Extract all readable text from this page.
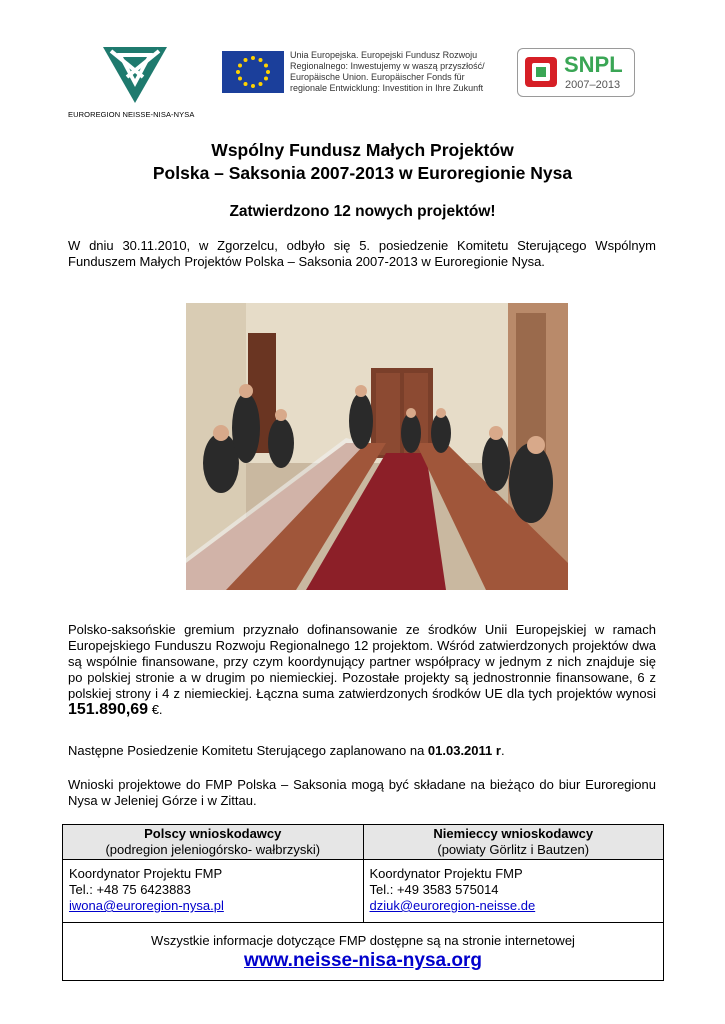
EUROREGION NEISSE-NISA-NYSA
Unia Europejska. Europejski Fundusz Rozwoju
Regionalnego: Inwestujemy w waszą przyszłość/
Europäische Union. Europäischer Fonds für
regionale Entwicklung: Investition in Ihre Zukunft
SNPL
2007–2013
Wspólny Fundusz Małych Projektów
Polska – Saksonia 2007-2013 w Euroregionie Nysa
Zatwierdzono 12 nowych projektów!

W dniu 30.11.2010, w Zgorzelcu, odbyło się 5. posiedzenie Komitetu Sterującego Wspólnym Funduszem Małych Projektów Polska – Saksonia 2007-2013 w Euroregionie Nysa.

Polsko-saksońskie gremium przyznało dofinansowanie ze środków Unii Europejskiej w ramach Europejskiego Funduszu Rozwoju Regionalnego 12 projektom. Wśród zatwierdzonych projektów dwa są wspólnie finansowane, przy czym koordynujący partner współpracy w jednym z nich znajduje się po polskiej stronie a w drugim po niemieckiej. Pozostałe projekty są jednostronnie finansowane, 6 z polskiej strony i 4 z niemieckiej. Łączna suma zatwierdzonych środków UE dla tych projektów wynosi 151.890,69 €.

Następne Posiedzenie Komitetu Sterującego zaplanowano na 01.03.2011 r.

Wnioski projektowe do FMP Polska – Saksonia mogą być składane na bieżąco do biur Euroregionu Nysa w Jeleniej Górze i w Zittau.

Polscy wnioskodawcy
(podregion jeleniogórsko- wałbrzyski)
Niemieccy wnioskodawcy
(powiaty Görlitz i Bautzen)
Koordynator Projektu FMP
Tel.: +48 75 6423883
iwona@euroregion-nysa.pl
Koordynator Projektu FMP
Tel.: +49 3583 575014
dziuk@euroregion-neisse.de
Wszystkie informacje dotyczące FMP dostępne są na stronie internetowej
www.neisse-nisa-nysa.org
